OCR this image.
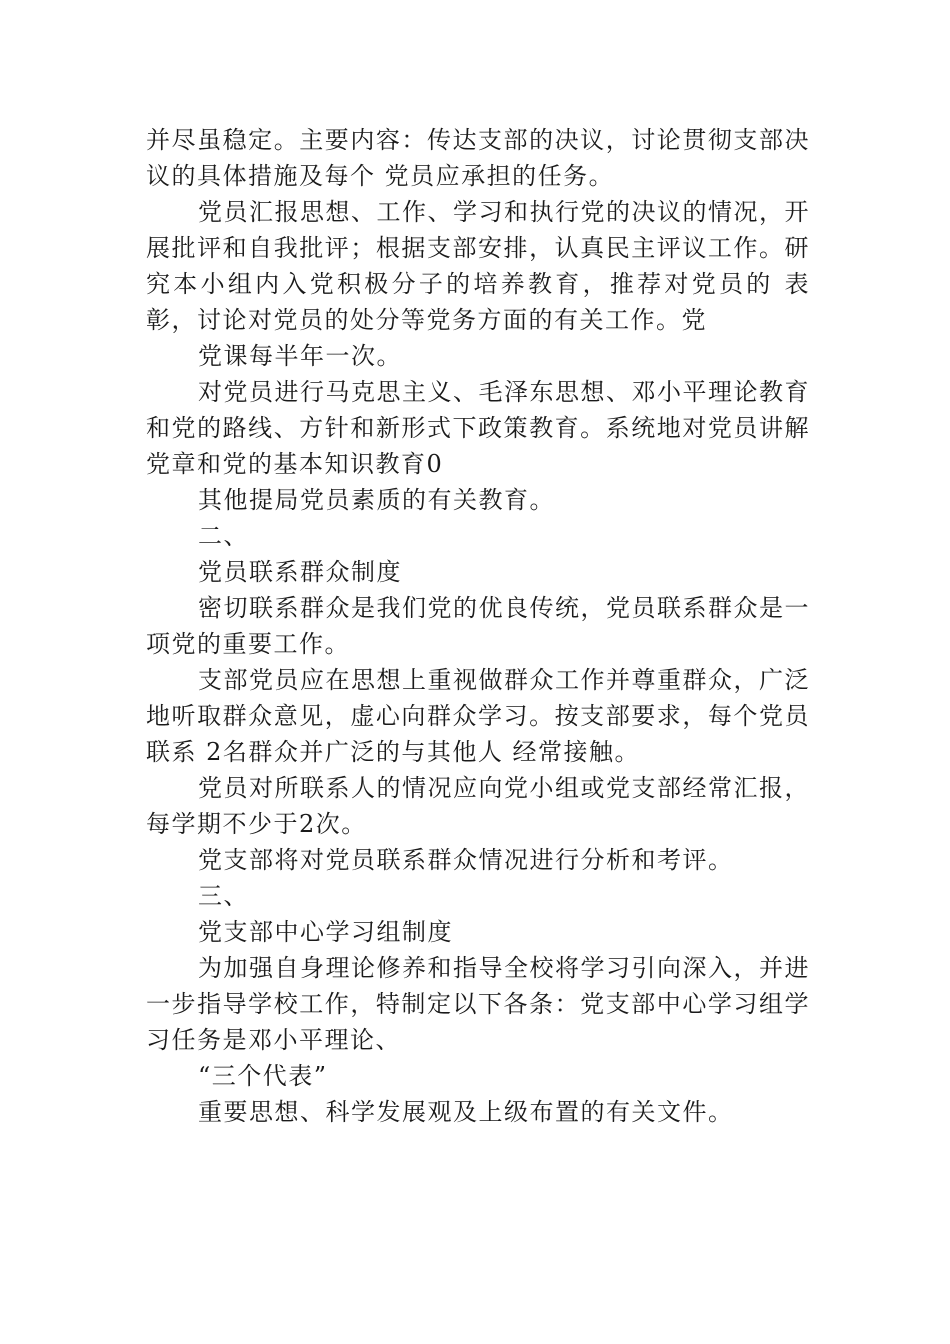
并尽虽稳定。主要内容：传达支部的决议，讨论贯彻支部决议的具体措施及每个 党员应承担的任务。

党员汇报思想、工作、学习和执行党的决议的情况，开展批评和自我批评；根据支部安排，认真民主评议工作。研究本小组内入党积极分子的培养教育，推荐对党员的 表彰，讨论对党员的处分等党务方面的有关工作。党

党课每半年一次。

对党员进行马克思主义、毛泽东思想、邓小平理论教育和党的路线、方针和新形式下政策教育。系统地对党员讲解党章和党的基本知识教育0

其他提局党员素质的有关教育。

二、

党员联系群众制度

密切联系群众是我们党的优良传统，党员联系群众是一项党的重要工作。

支部党员应在思想上重视做群众工作并尊重群众，广泛地听取群众意见，虚心向群众学习。按支部要求，每个党员联系 2名群众并广泛的与其他人 经常接触。

党员对所联系人的情况应向党小组或党支部经常汇报，每学期不少于2次。

党支部将对党员联系群众情况进行分析和考评。

三、

党支部中心学习组制度

为加强自身理论修养和指导全校将学习引向深入，并进一步指导学校工作，特制定以下各条：党支部中心学习组学习任务是邓小平理论、

“三个代表”

重要思想、科学发展观及上级布置的有关文件。
